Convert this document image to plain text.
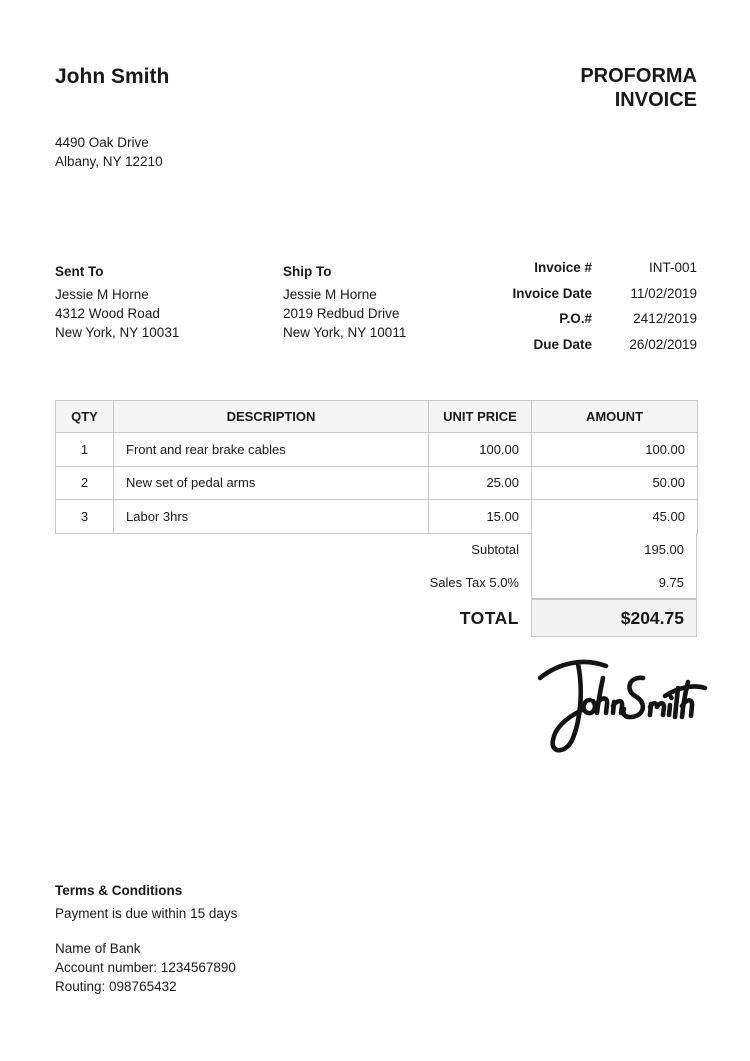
John Smith
4490 Oak Drive
Albany, NY 12210
PROFORMA
INVOICE
Sent To
Jessie M Horne
4312 Wood Road
New York, NY 10031
Ship To
Jessie M Horne
2019 Redbud Drive
New York, NY 10011
Invoice #	INT-001
Invoice Date	11/02/2019
P.O.#	2412/2019
Due Date	26/02/2019
QTY	DESCRIPTION	UNIT PRICE	AMOUNT
1	Front and rear brake cables	100.00	100.00
2	New set of pedal arms	25.00	50.00
3	Labor 3hrs	15.00	45.00
Subtotal	195.00
Sales Tax 5.0%	9.75
TOTAL	$204.75
Terms & Conditions
Payment is due within 15 days
Name of Bank
Account number: 1234567890
Routing: 098765432
